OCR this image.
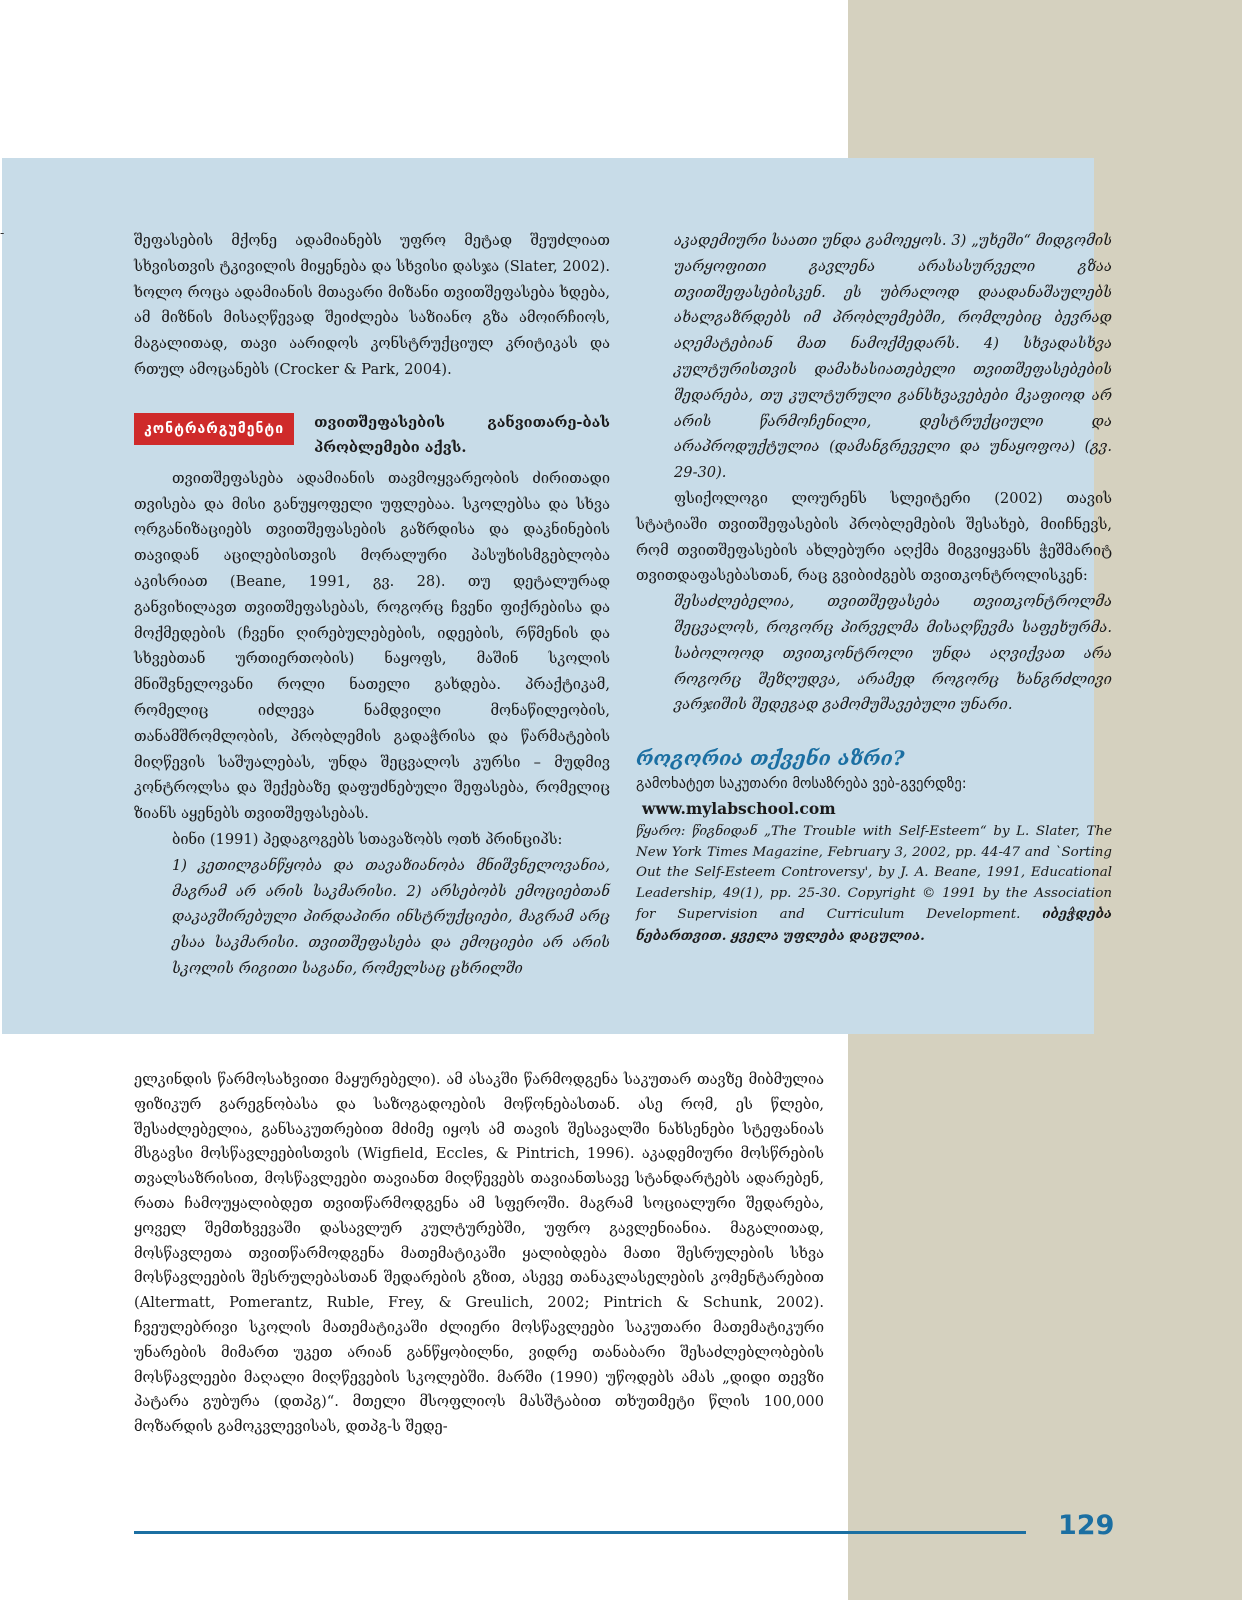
-	შეფასების მქონე ადამიანებს უფრო მეტად შეუძლიათ სხვისთვის ტკივილის მიყენება და სხვისი დასჯა (Slater, 2002). ხოლო როცა ადამიანის მთავარი მიზანი თვითშეფასება ხდება, ამ მიზნის მისაღწევად შეიძლება საზიანო გზა ამოირჩიოს, მაგალითად, თავი აარიდოს კონსტრუქციულ კრიტიკას და რთულ ამოცანებს (Crocker & Park, 2004).

კონტრარგუმენტი	თვითშეფასების განვითარე-ბას პრობლემები აქვს.

თვითშეფასება ადამიანის თავმოყვარეობის ძირითადი თვისება და მისი განუყოფელი უფლებაა. სკოლებსა და სხვა ორგანიზაციებს თვითშეფასების გაზრდისა და დაკნინების თავიდან აცილებისთვის მორალური პასუხისმგებლობა აკისრიათ (Beane, 1991, გვ. 28). თუ დეტალურად განვიხილავთ თვითშეფასებას, როგორც ჩვენი ფიქრებისა და მოქმედების (ჩვენი ღირებულებების, იდეების, რწმენის და სხვებთან ურთიერთობის) ნაყოფს, მაშინ სკოლის მნიშვნელოვანი როლი ნათელი გახდება. პრაქტიკამ, რომელიც იძლევა ნამდვილი მონაწილეობის, თანამშრომლობის, პრობლემის გადაჭრისა და წარმატების მიღწევის საშუალებას, უნდა შეცვალოს კურსი – მუდმივ კონტროლსა და შექებაზე დაფუძნებული შეფასება, რომელიც ზიანს აყენებს თვითშეფასებას.

ბინი (1991) პედაგოგებს სთავაზობს ოთხ პრინციპს:

1) კეთილგანწყობა და თავაზიანობა მნიშვნელოვანია, მაგრამ არ არის საკმარისი. 2) არსებობს ემოციებთან დაკავშირებული პირდაპირი ინსტრუქციები, მაგრამ არც ესაა საკმარისი. თვითშეფასება და ემოციები არ არის სკოლის რიგითი საგანი, რომელსაც ცხრილში

აკადემიური საათი უნდა გამოეყოს. 3) „უხეში“ მიდგომის უარყოფითი გავლენა არასასურველი გზაა თვითშეფასებისკენ. ეს უბრალოდ დაადანაშაულებს ახალგაზრდებს იმ პრობლემებში, რომლებიც ბევრად აღემატებიან მათ ნამოქმედარს. 4) სხვადასხვა კულტურისთვის დამახასიათებელი თვითშეფასებების შედარება, თუ კულტურული განსხვავებები მკაფიოდ არ არის წარმოჩენილი, დესტრუქციული და არაპროდუქტულია (დამანგრეველი და უნაყოფოა) (გვ. 29-30).

ფსიქოლოგი ლოურენს სლეიტერი (2002) თავის სტატიაში თვითშეფასების პრობლემების შესახებ, მიიჩნევს, რომ თვითშეფასების ახლებური აღქმა მიგვიყვანს ჭეშმარიტ თვითდაფასებასთან, რაც გვიბიძგებს თვითკონტროლისკენ:

შესაძლებელია, თვითშეფასება თვითკონტროლმა შეცვალოს, როგორც პირველმა მისაღწევმა საფეხურმა. საბოლოოდ თვითკონტროლი უნდა აღვიქვათ არა როგორც შეზღუდვა, არამედ როგორც ხანგრძლივი ვარჯიშის შედეგად გამომუშავებული უნარი.

როგორია თქვენი აზრი?
გამოხატეთ საკუთარი მოსაზრება ვებ-გვერდზე:
www.mylabschool.com

წყარო: წიგნიდან „The Trouble with Self-Esteem“ by L. Slater, The New York Times Magazine, February 3, 2002, pp. 44-47 and `Sorting Out the Self-Esteem Controversy', by J. A. Beane, 1991, Educational Leadership, 49(1), pp. 25-30. Copyright © 1991 by the Association for Supervision and Curriculum Development. იბეჭდება ნებართვით. ყველა უფლება დაცულია.

ელკინდის წარმოსახვითი მაყურებელი). ამ ასაკში წარმოდგენა საკუთარ თავზე მიბმულია ფიზიკურ გარეგნობასა და საზოგადოების მოწონებასთან. ასე რომ, ეს წლები, შესაძლებელია, განსაკუთრებით მძიმე იყოს ამ თავის შესავალში ნახსენები სტეფანიას მსგავსი მოსწავლეებისთვის (Wigfield, Eccles, & Pintrich, 1996). აკადემიური მოსწრების თვალსაზრისით, მოსწავლეები თავიანთ მიღწევებს თავიანთსავე სტანდარტებს ადარებენ, რათა ჩამოუყალიბდეთ თვითწარმოდგენა ამ სფეროში. მაგრამ სოციალური შედარება, ყოველ შემთხვევაში დასავლურ კულტურებში, უფრო გავლენიანია. მაგალითად, მოსწავლეთა თვითწარმოდგენა მათემატიკაში ყალიბდება მათი შესრულების სხვა მოსწავლეების შესრულებასთან შედარების გზით, ასევე თანაკლასელების კომენტარებით (Altermatt, Pomerantz, Ruble, Frey, & Greulich, 2002; Pintrich & Schunk, 2002). ჩვეულებრივი სკოლის მათემატიკაში ძლიერი მოსწავლეები საკუთარი მათემატიკური უნარების მიმართ უკეთ არიან განწყობილნი, ვიდრე თანაბარი შესაძლებლობების მოსწავლეები მაღალი მიღწევების სკოლებში. მარში (1990) უწოდებს ამას „დიდი თევზი პატარა გუბურა (დთპგ)“. მთელი მსოფლიოს მასშტაბით თხუთმეტი წლის 100,000 მოზარდის გამოკვლევისას, დთპგ-ს შედე-

129
